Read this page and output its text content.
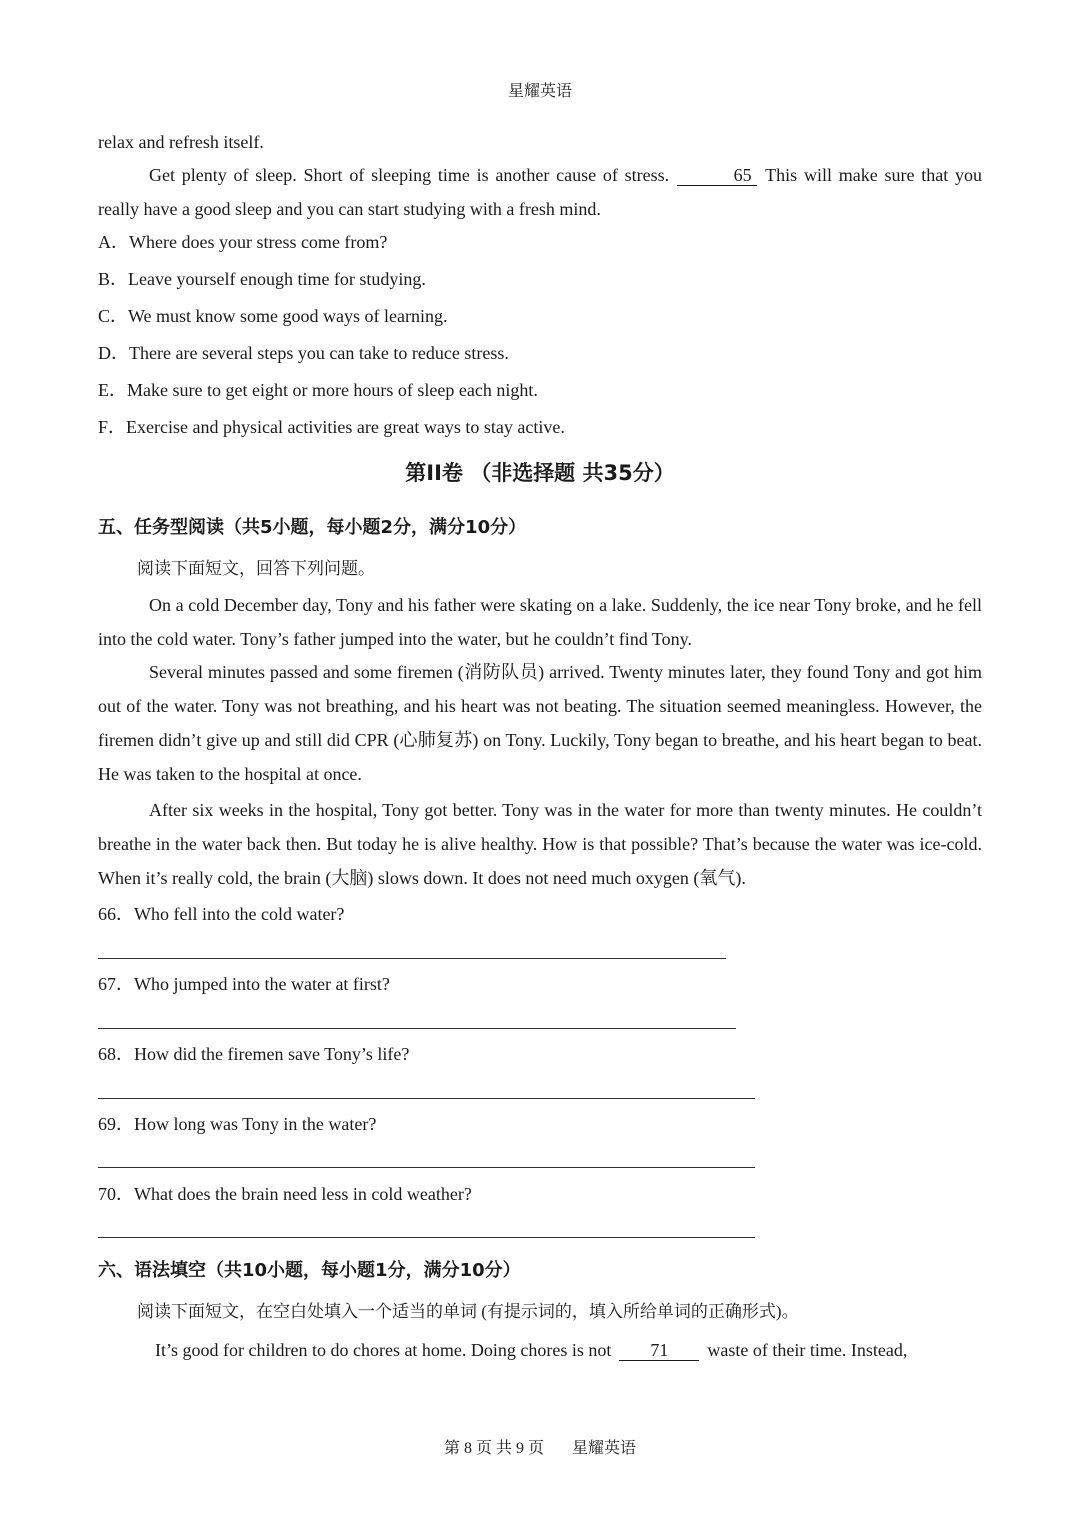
星耀英语
relax and refresh itself.
Get plenty of sleep. Short of sleeping time is another cause of stress.	65 This will make sure that you really have a good sleep and you can start studying with a fresh mind.
A．Where does your stress come from?
B．Leave yourself enough time for studying.
C．We must know some good ways of learning.
D．There are several steps you can take to reduce stress.
E．Make sure to get eight or more hours of sleep each night.
F．Exercise and physical activities are great ways to stay active.
第II卷 （非选择题 共35分）
五、任务型阅读（共5小题，每小题2分，满分10分）
阅读下面短文，回答下列问题。
On a cold December day, Tony and his father were skating on a lake. Suddenly, the ice near Tony broke, and he fell into the cold water. Tony’s father jumped into the water, but he couldn’t find Tony.
Several minutes passed and some firemen (消防队员) arrived. Twenty minutes later, they found Tony and got him out of the water. Tony was not breathing, and his heart was not beating. The situation seemed meaningless. However, the firemen didn’t give up and still did CPR (心肺复苏) on Tony. Luckily, Tony began to breathe, and his heart began to beat. He was taken to the hospital at once.
After six weeks in the hospital, Tony got better. Tony was in the water for more than twenty minutes. He couldn’t breathe in the water back then. But today he is alive healthy. How is that possible? That’s because the water was ice-cold. When it’s really cold, the brain (大脑) slows down. It does not need much oxygen (氧气).
66．Who fell into the cold water?
67．Who jumped into the water at first?
68．How did the firemen save Tony’s life?
69．How long was Tony in the water?
70．What does the brain need less in cold weather?
六、语法填空（共10小题，每小题1分，满分10分）
阅读下面短文，在空白处填入一个适当的单词 (有提示词的，填入所给单词的正确形式)。
It’s good for children to do chores at home. Doing chores is not 71 waste of their time. Instead,
第 8 页 共 9 页 星耀英语
